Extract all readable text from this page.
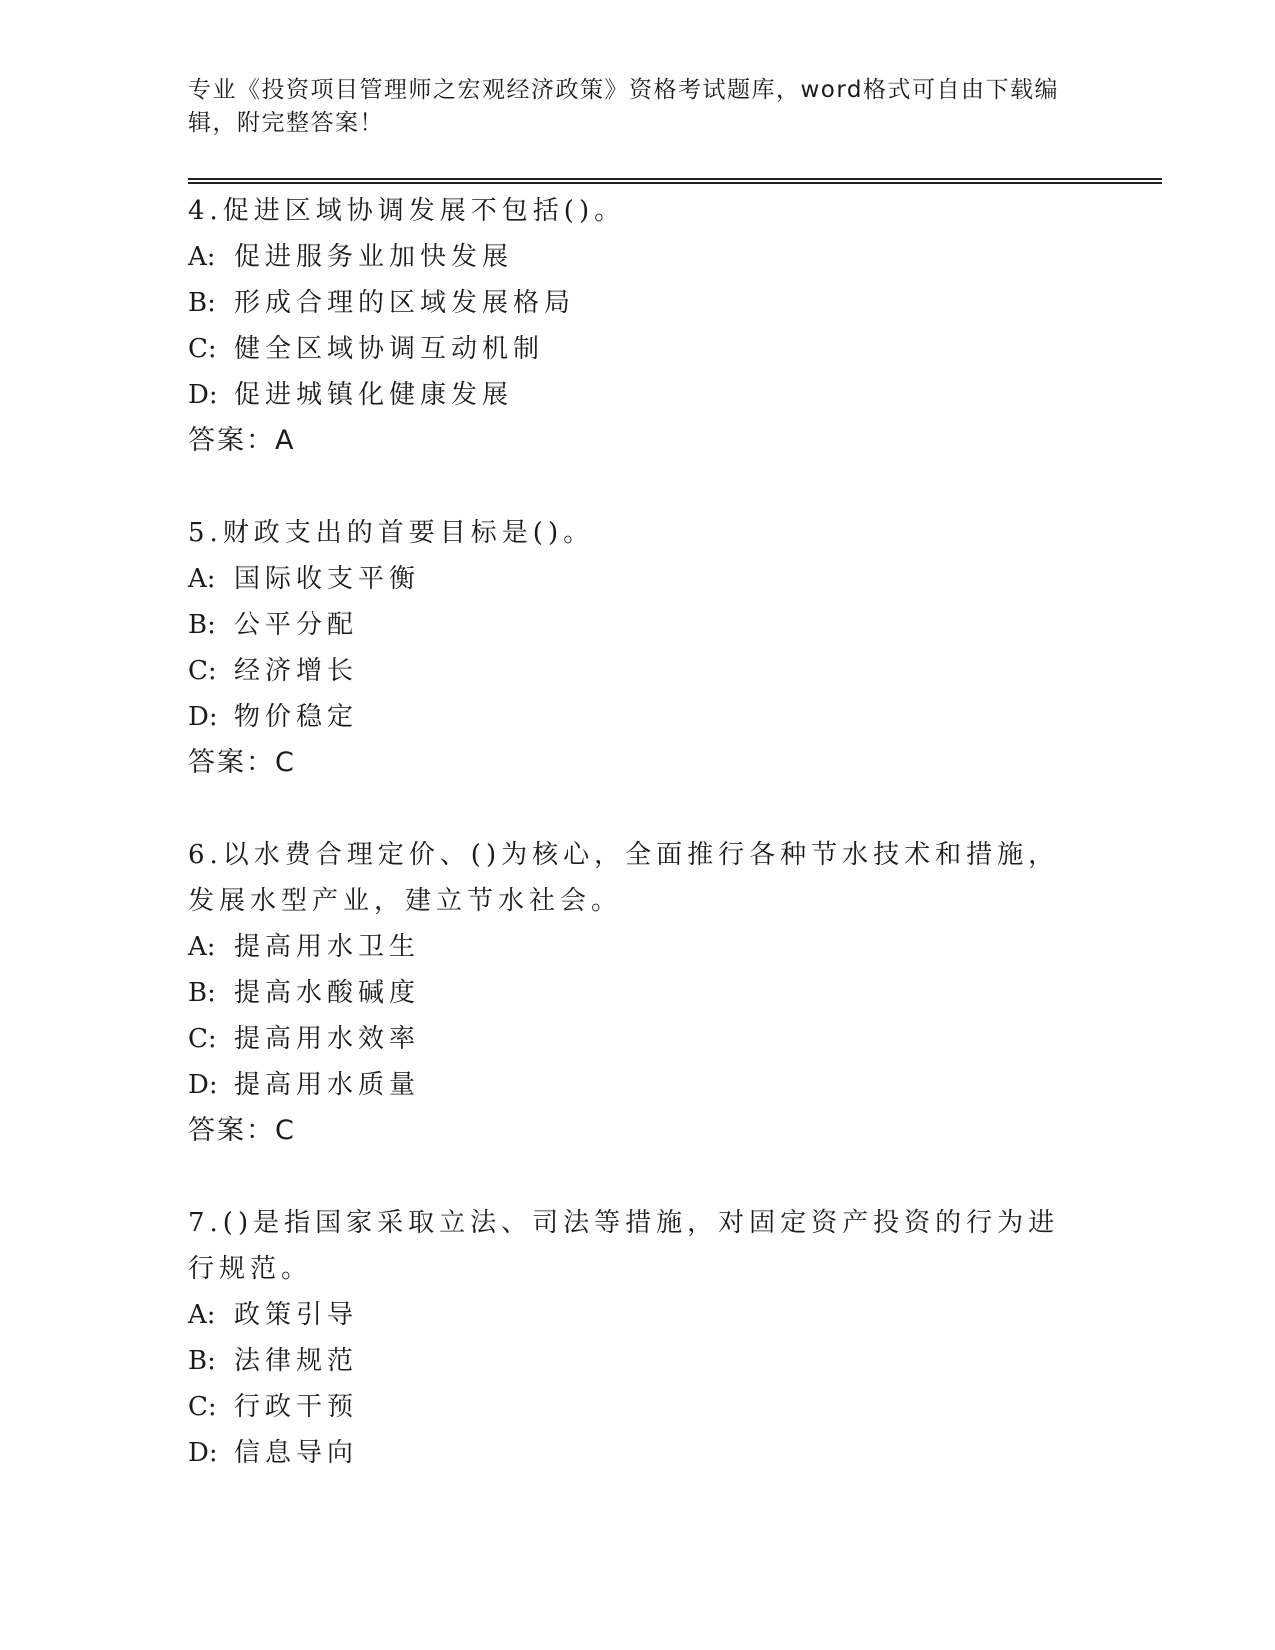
专业《投资项目管理师之宏观经济政策》资格考试题库，word格式可自由下载编辑，附完整答案！
4.促进区域协调发展不包括()。
A: 促进服务业加快发展
B: 形成合理的区域发展格局
C: 健全区域协调互动机制
D: 促进城镇化健康发展
答案：A
5.财政支出的首要目标是()。
A: 国际收支平衡
B: 公平分配
C: 经济增长
D: 物价稳定
答案：C
6.以水费合理定价、()为核心，全面推行各种节水技术和措施，发展水型产业，建立节水社会。
A: 提高用水卫生
B: 提高水酸碱度
C: 提高用水效率
D: 提高用水质量
答案：C
7.()是指国家采取立法、司法等措施，对固定资产投资的行为进行规范。
A: 政策引导
B: 法律规范
C: 行政干预
D: 信息导向
